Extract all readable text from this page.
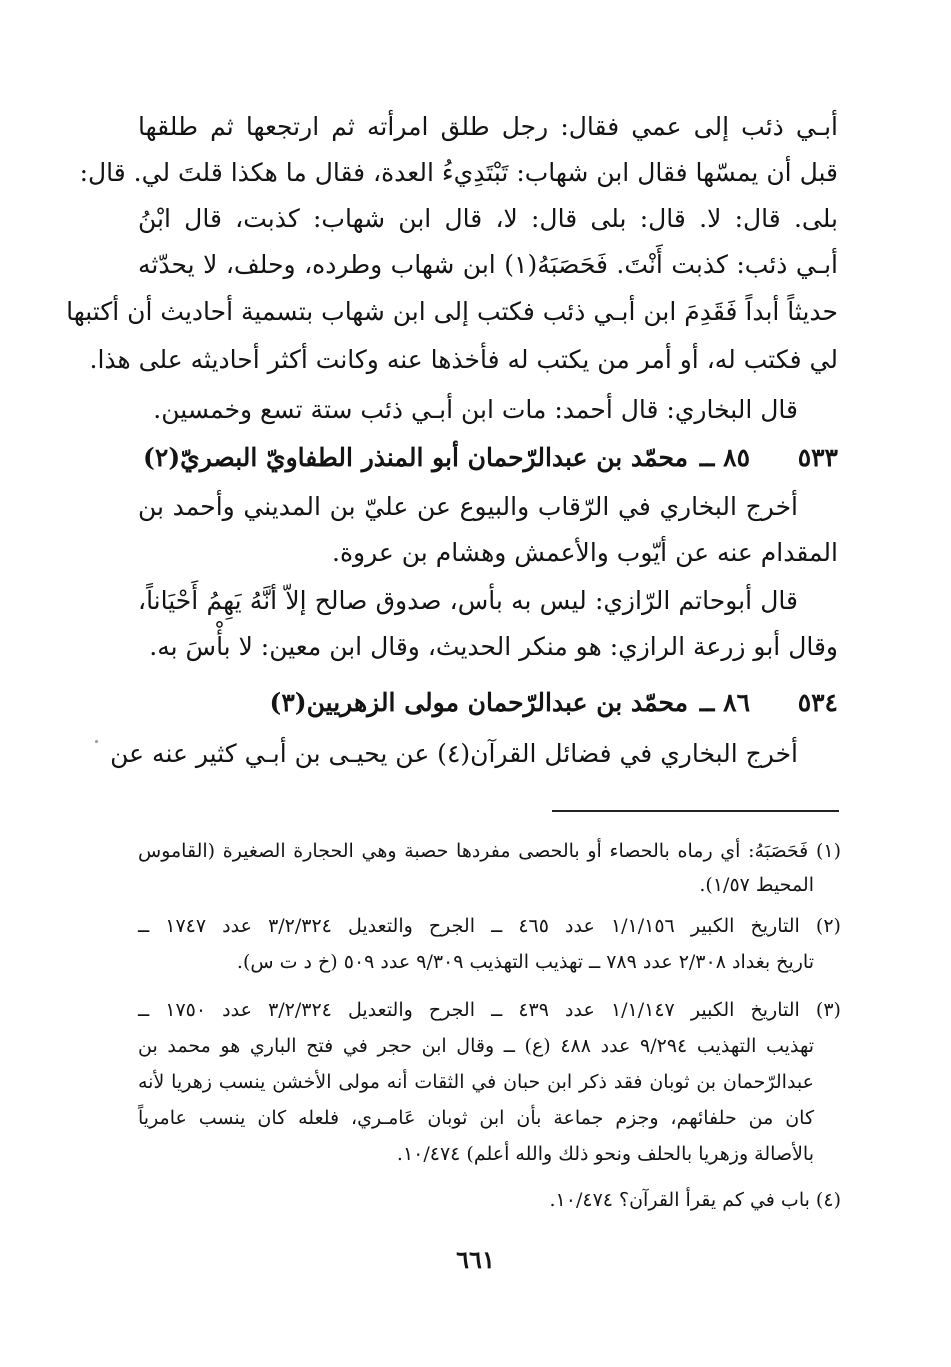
أبـي ذئب إلى عمي فقال: رجل طلق امرأته ثم ارتجعها ثم طلقها
قبل أن يمسّها فقال ابن شهاب: تَبْتَدِيءُ العدة، فقال ما هكذا قلتَ لي. قال:
بلى. قال: لا. قال: بلى قال: لا، قال ابن شهاب: كذبت، قال ابْنُ
أبـي ذئب: كذبت أَنْتَ. فَحَصَبَهُ(١) ابن شهاب وطرده، وحلف، لا يحدّثه
حديثاً أبداً فَقَدِمَ ابن أبـي ذئب فكتب إلى ابن شهاب بتسمية أحاديث أن أكتبها
لي فكتب له، أو أمر من يكتب له فأخذها عنه وكانت أكثر أحاديثه على هذا.
قال البخاري: قال أحمد: مات ابن أبـي ذئب ستة تسع وخمسين.
٥٣٣
٨٥ ــ
محمّد بن عبدالرّحمان أبو المنذر الطفاويّ البصريّ(٢)
أخرج البخاري في الرّقاب والبيوع عن عليّ بن المديني وأحمد بن
المقدام عنه عن أيّوب والأعمش وهشام بن عروة.
قال أبوحاتم الرّازي: ليس به بأس، صدوق صالح إلاّ أنَّهُ يَهِمُ أَحْيَاناً،
وقال أبو زرعة الرازي: هو منكر الحديث، وقال ابن معين: لا بأْسَ به.
٥٣٤
٨٦ ــ
محمّد بن عبدالرّحمان مولى الزهريين(٣)
أخرج البخاري في فضائل القرآن(٤) عن يحيـى بن أبـي كثير عنه عن
(١) فَحَصَبَهُ: أي رماه بالحصاء أو بالحصى مفردها حصبة وهي الحجارة الصغيرة (القاموس
المحيط ١/٥٧).
(٢) التاريخ الكبير ١/١/١٥٦ عدد ٤٦٥ ــ الجرح والتعديل ٣/٢/٣٢٤ عدد ١٧٤٧ ــ
تاريخ بغداد ٢/٣٠٨ عدد ٧٨٩ ــ تهذيب التهذيب ٩/٣٠٩ عدد ٥٠٩ (خ د ت س).
(٣) التاريخ الكبير ١/١/١٤٧ عدد ٤٣٩ ــ الجرح والتعديل ٣/٢/٣٢٤ عدد ١٧٥٠ ــ
تهذيب التهذيب ٩/٢٩٤ عدد ٤٨٨ (ع) ــ وقال ابن حجر في فتح الباري هو محمد بن
عبدالرّحمان بن ثوبان فقد ذكر ابن حبان في الثقات أنه مولى الأخشن ينسب زهريا لأنه
كان من حلفائهم، وجزم جماعة بأن ابن ثوبان عَامـري، فلعله كان ينسب عامرياً
بالأصالة وزهريا بالحلف ونحو ذلك والله أعلم) ١٠/٤٧٤.
(٤) باب في كم يقرأ القرآن؟ ١٠/٤٧٤.
٦٦١
